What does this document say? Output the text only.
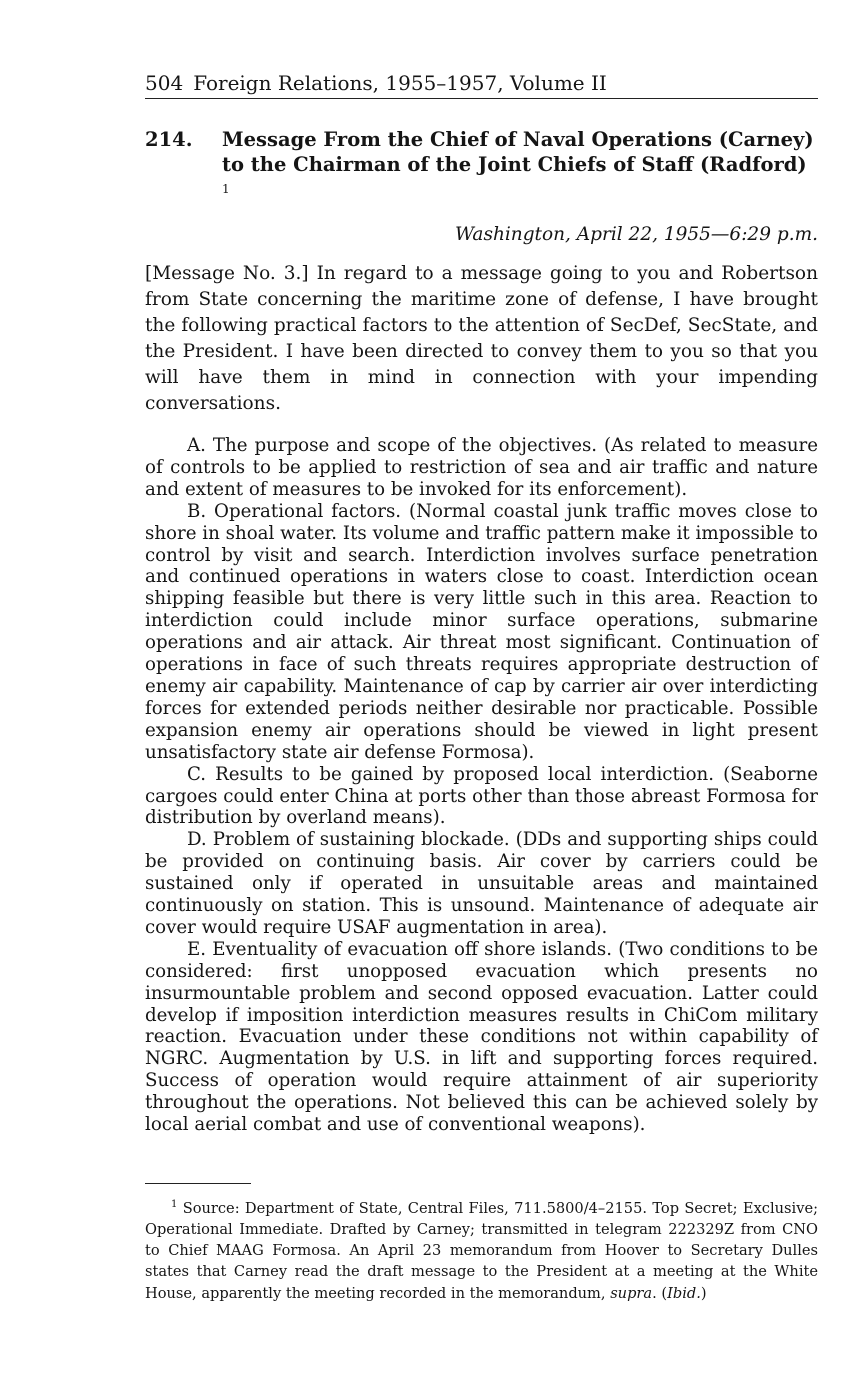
504 Foreign Relations, 1955–1957, Volume II
214.	Message From the Chief of Naval Operations (Carney) to the Chairman of the Joint Chiefs of Staff (Radford) $^1$
Washington, April 22, 1955—6:29 p.m.

[Message No. 3.] In regard to a message going to you and Robertson from State concerning the maritime zone of defense, I have brought the following practical factors to the attention of SecDef, SecState, and the President. I have been directed to convey them to you so that you will have them in mind in connection with your impending conversations.

A. The purpose and scope of the objectives. (As related to measure of controls to be applied to restriction of sea and air traffic and nature and extent of measures to be invoked for its enforcement).

B. Operational factors. (Normal coastal junk traffic moves close to shore in shoal water. Its volume and traffic pattern make it impossible to control by visit and search. Interdiction involves surface penetration and continued operations in waters close to coast. Interdiction ocean shipping feasible but there is very little such in this area. Reaction to interdiction could include minor surface operations, submarine operations and air attack. Air threat most significant. Continuation of operations in face of such threats requires appropriate destruction of enemy air capability. Maintenance of cap by carrier air over interdicting forces for extended periods neither desirable nor practicable. Possible expansion enemy air operations should be viewed in light present unsatisfactory state air defense Formosa).

C. Results to be gained by proposed local interdiction. (Seaborne cargoes could enter China at ports other than those abreast Formosa for distribution by overland means).

D. Problem of sustaining blockade. (DDs and supporting ships could be provided on continuing basis. Air cover by carriers could be sustained only if operated in unsuitable areas and maintained continuously on station. This is unsound. Maintenance of adequate air cover would require USAF augmentation in area).

E. Eventuality of evacuation off shore islands. (Two conditions to be considered: first unopposed evacuation which presents no insurmountable problem and second opposed evacuation. Latter could develop if imposition interdiction measures results in ChiCom military reaction. Evacuation under these conditions not within capability of NGRC. Augmentation by U.S. in lift and supporting forces required. Success of operation would require attainment of air superiority throughout the operations. Not believed this can be achieved solely by local aerial combat and use of conventional weapons).

$^1$ Source: Department of State, Central Files, 711.5800/4–2155. Top Secret; Exclusive; Operational Immediate. Drafted by Carney; transmitted in telegram 222329Z from CNO to Chief MAAG Formosa. An April 23 memorandum from Hoover to Secretary Dulles states that Carney read the draft message to the President at a meeting at the White House, apparently the meeting recorded in the memorandum, supra. (Ibid.)
